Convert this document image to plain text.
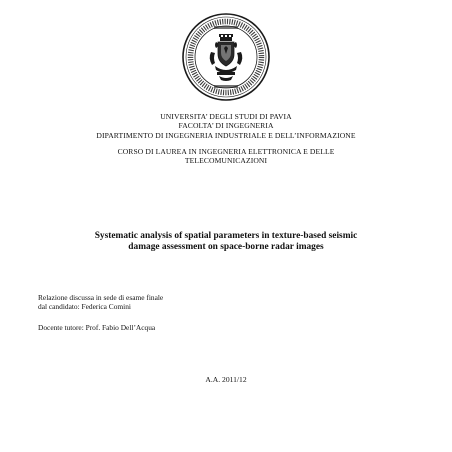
UNIVERSITA’ DEGLI STUDI DI PAVIA
FACOLTA’ DI INGEGNERIA
DIPARTIMENTO DI INGEGNERIA INDUSTRIALE E DELL’INFORMAZIONE
CORSO DI LAUREA IN INGEGNERIA ELETTRONICA E DELLE
TELECOMUNICAZIONI
Systematic analysis of spatial parameters in texture-based seismic
damage assessment on space-borne radar images
Relazione discussa in sede di esame finale
dal candidato: Federica Comini
Docente tutore: Prof. Fabio Dell’Acqua
A.A. 2011/12
